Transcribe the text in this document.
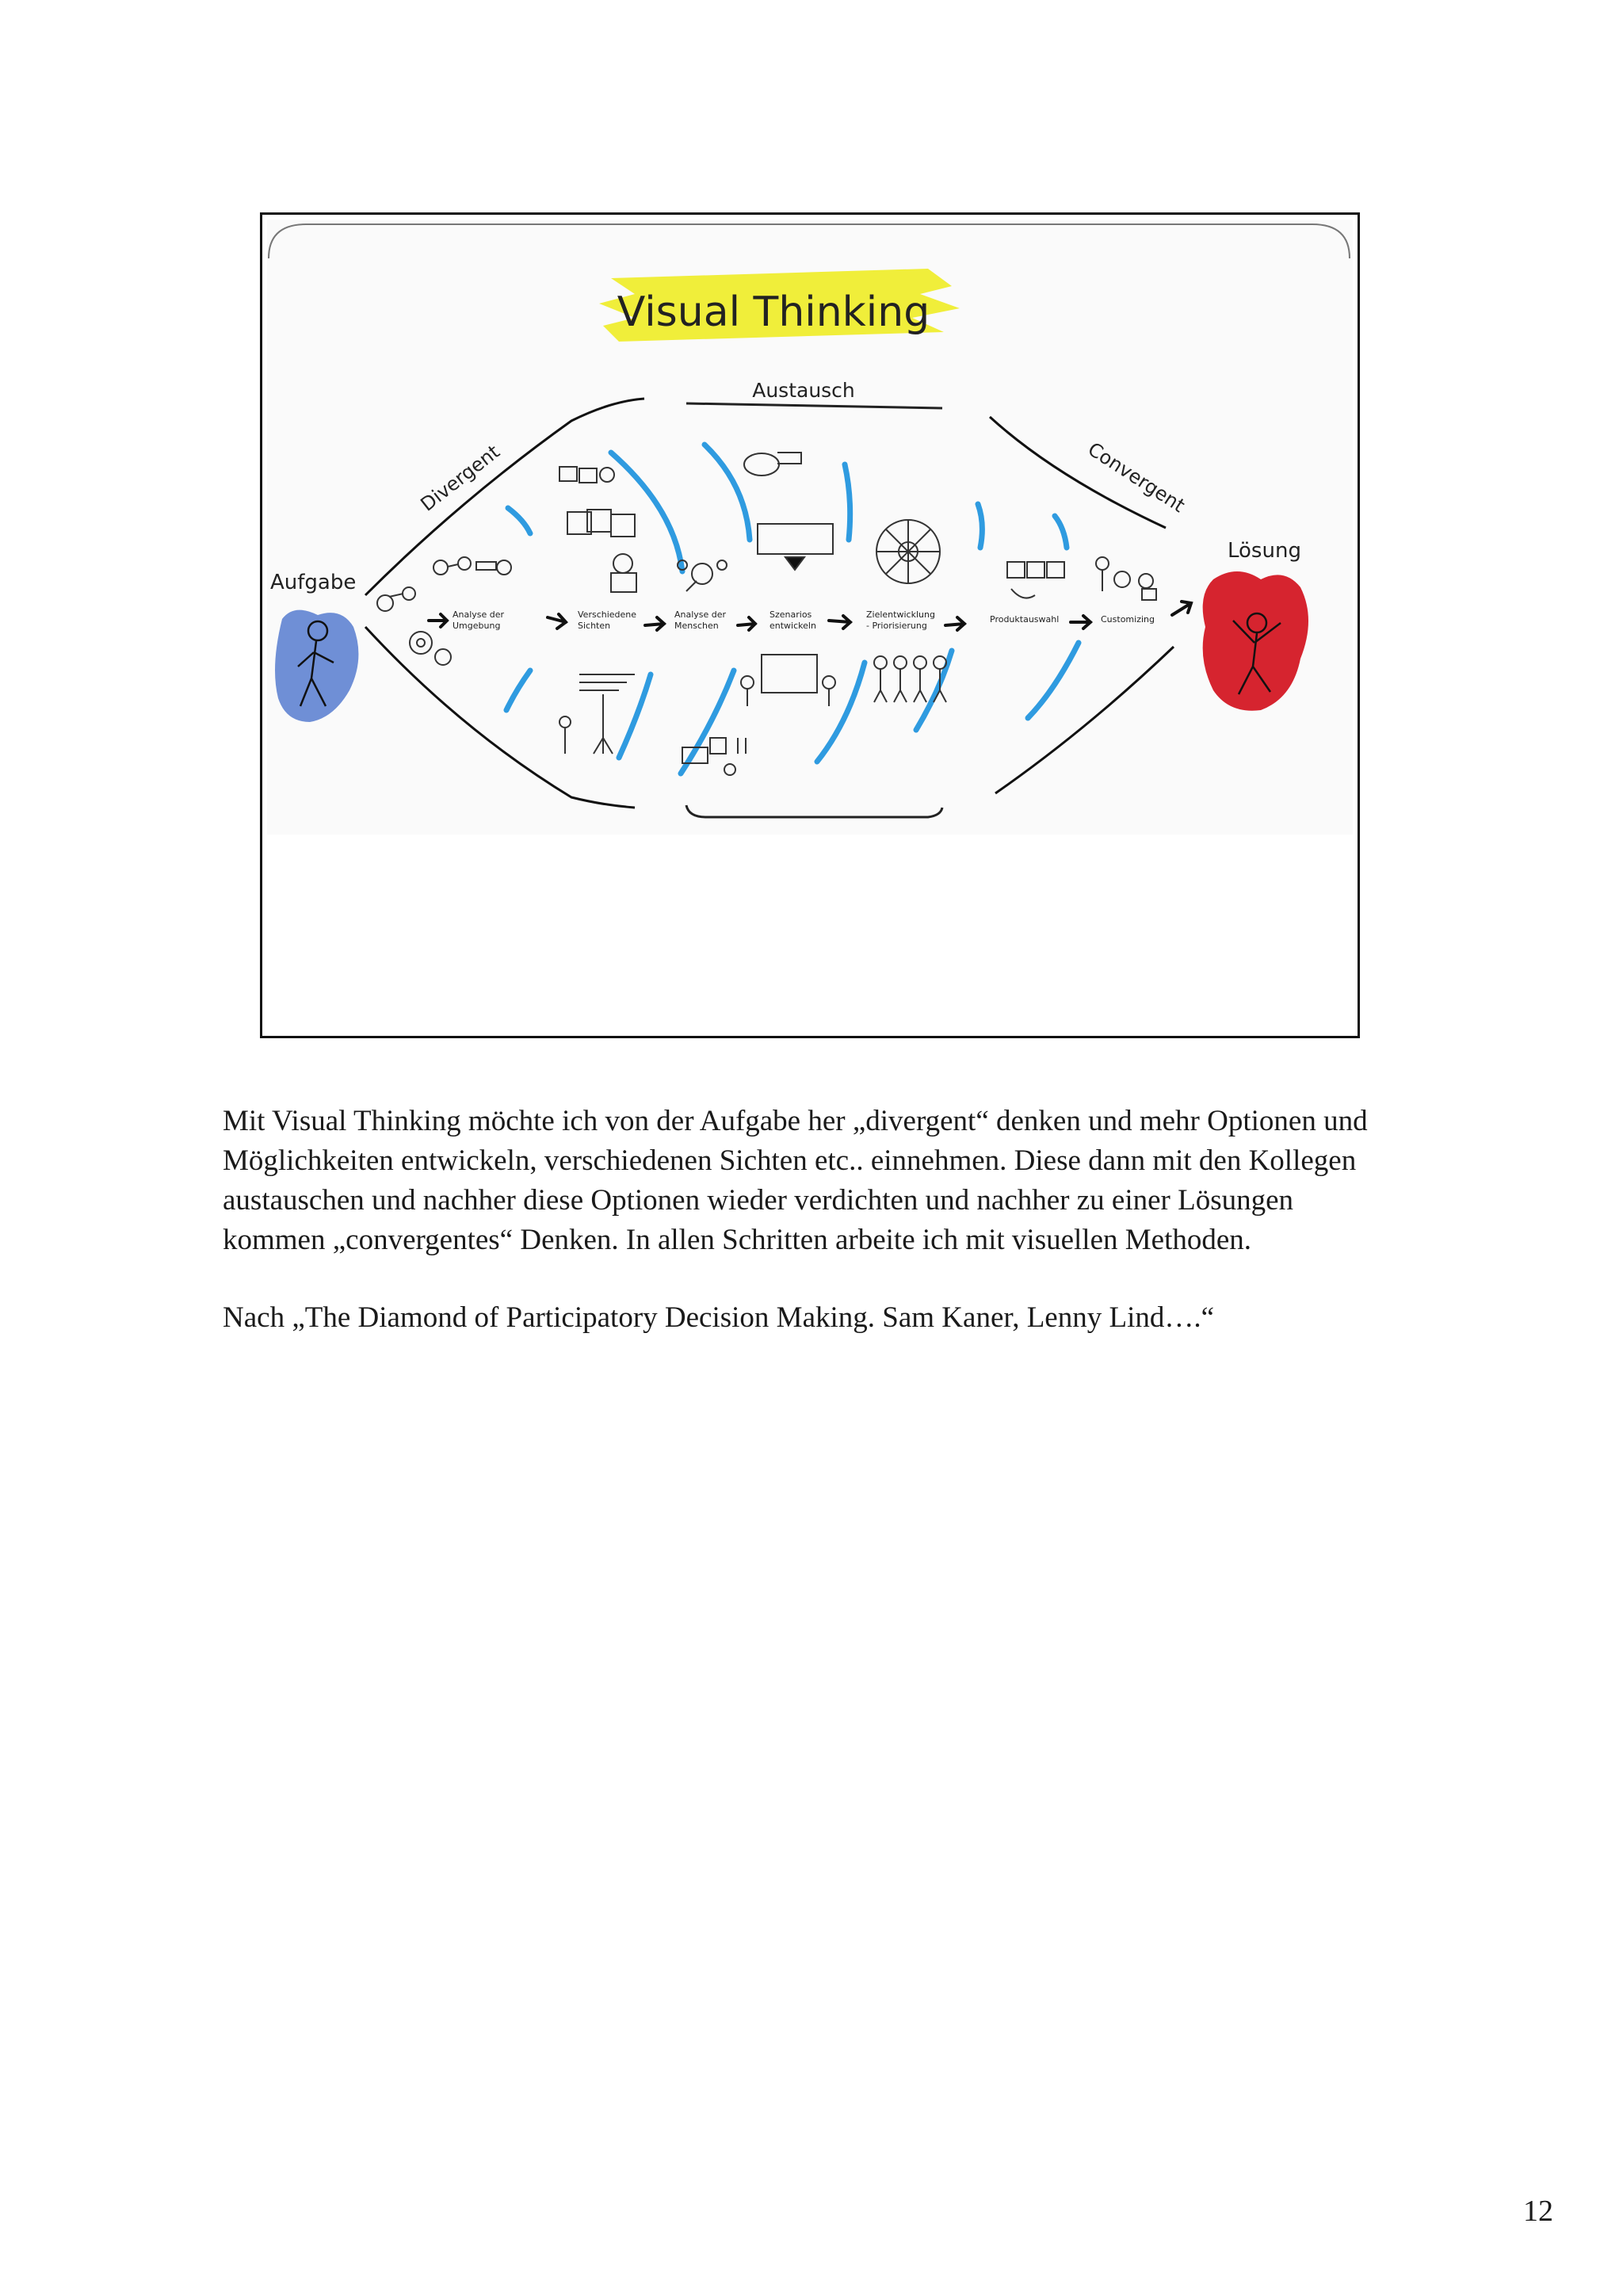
Visual Thinking
Austausch
Divergent	Convergent
Aufgabe
Lösung
Analyse der
Umgebung
Verschiedene
Sichten
Analyse der
Menschen
Szenarios
entwickeln
Zielentwicklung
- Priorisierung
Produktauswahl	Customizing

Mit Visual Thinking möchte ich von der Aufgabe her „divergent“ denken und mehr Optionen und Möglichkeiten entwickeln, verschiedenen Sichten etc.. einnehmen. Diese dann mit den Kollegen austauschen und nachher diese Optionen wieder verdichten und nachher zu einer Lösungen kommen „convergentes“ Denken. In allen Schritten arbeite ich mit visuellen Methoden.

Nach „The Diamond of Participatory Decision Making. Sam Kaner, Lenny Lind….“

12
